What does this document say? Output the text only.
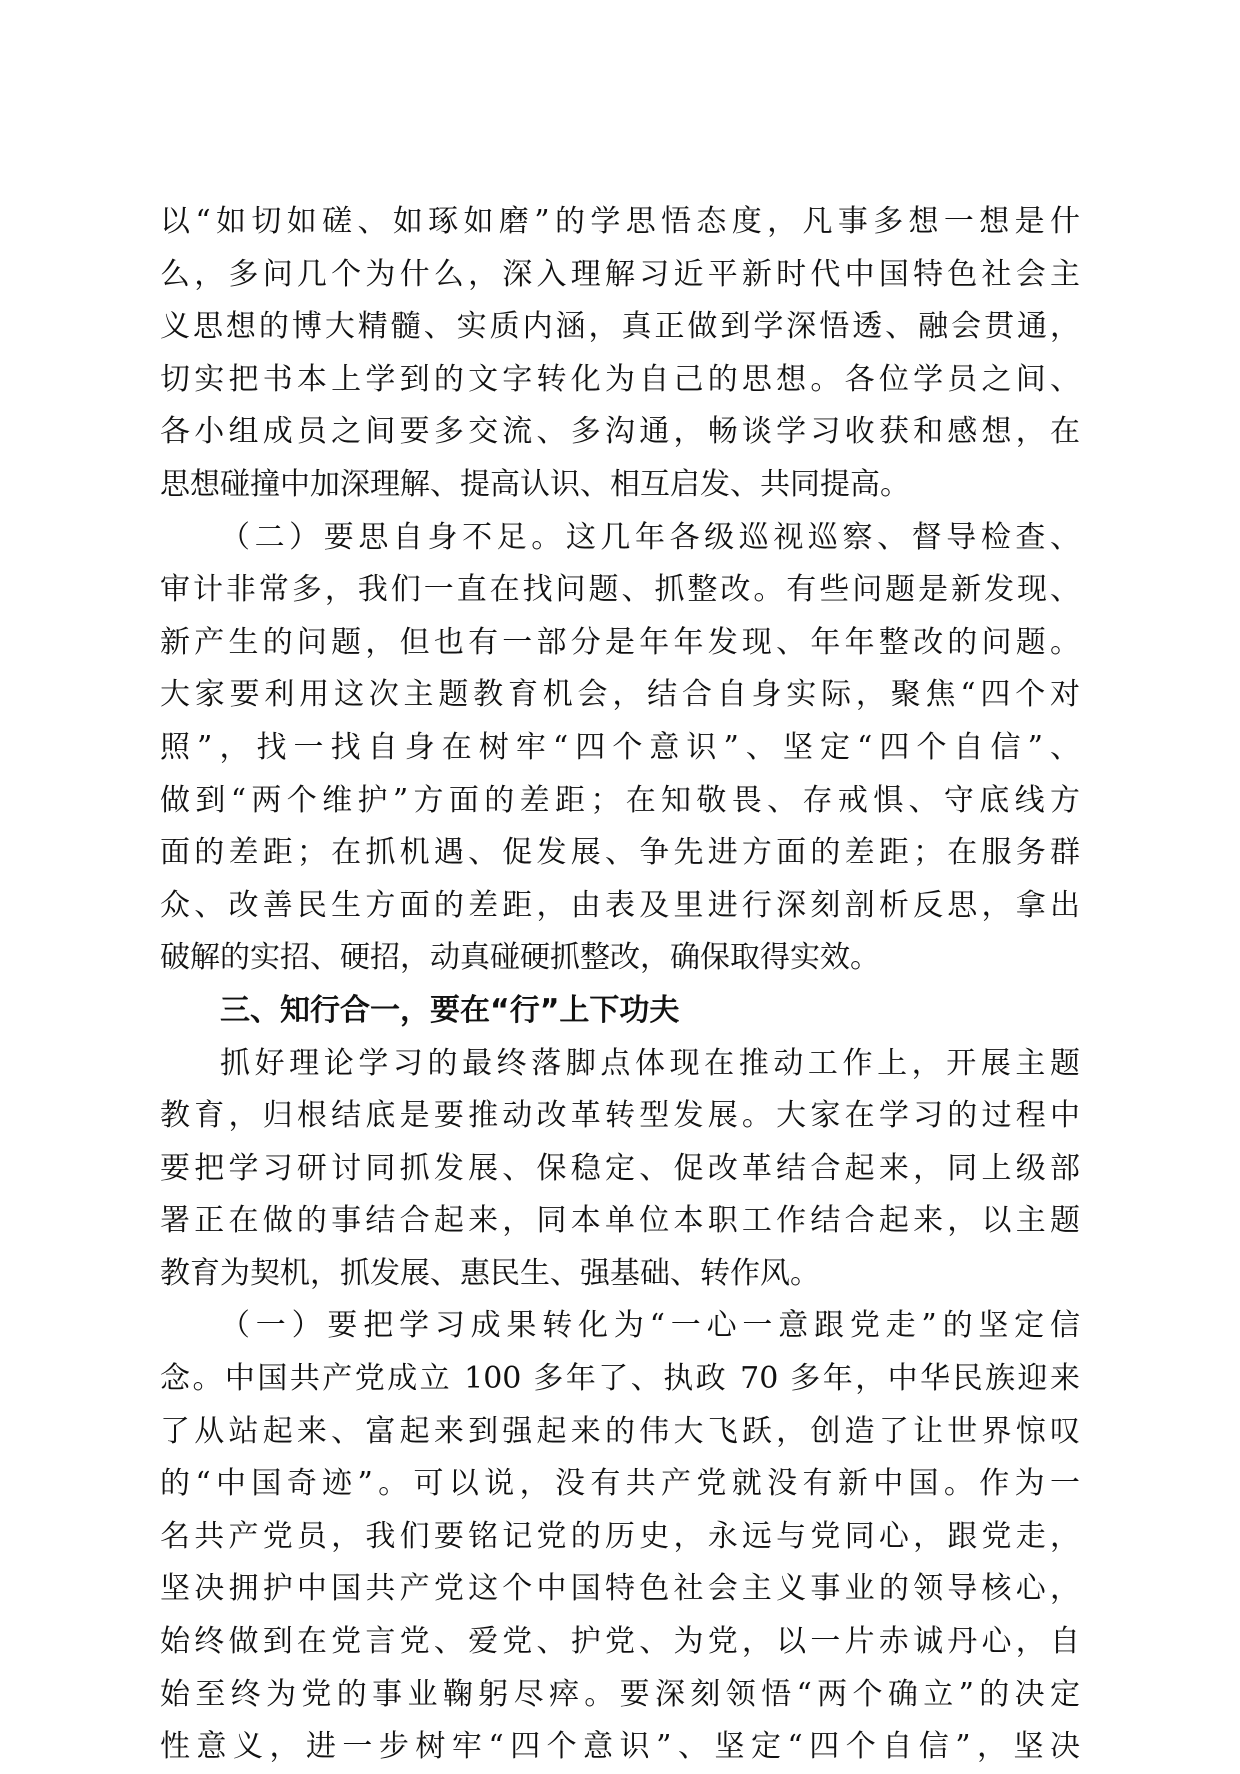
以“如切如磋、如琢如磨”的学思悟态度，凡事多想一想是什
么，多问几个为什么，深入理解习近平新时代中国特色社会主
义思想的博大精髓、实质内涵，真正做到学深悟透、融会贯通，
切实把书本上学到的文字转化为自己的思想。各位学员之间、
各小组成员之间要多交流、多沟通，畅谈学习收获和感想，在
思想碰撞中加深理解、提高认识、相互启发、共同提高。
（二）要思自身不足。这几年各级巡视巡察、督导检查、
审计非常多，我们一直在找问题、抓整改。有些问题是新发现、
新产生的问题，但也有一部分是年年发现、年年整改的问题。
大家要利用这次主题教育机会，结合自身实际，聚焦“四个对
照”，找一找自身在树牢“四个意识”、坚定“四个自信”、
做到“两个维护”方面的差距；在知敬畏、存戒惧、守底线方
面的差距；在抓机遇、促发展、争先进方面的差距；在服务群
众、改善民生方面的差距，由表及里进行深刻剖析反思，拿出
破解的实招、硬招，动真碰硬抓整改，确保取得实效。
三、知行合一，要在“行”上下功夫
抓好理论学习的最终落脚点体现在推动工作上，开展主题
教育，归根结底是要推动改革转型发展。大家在学习的过程中
要把学习研讨同抓发展、保稳定、促改革结合起来，同上级部
署正在做的事结合起来，同本单位本职工作结合起来，以主题
教育为契机，抓发展、惠民生、强基础、转作风。
（一）要把学习成果转化为“一心一意跟党走”的坚定信
念。中国共产党成立 100 多年了、执政 70 多年，中华民族迎来
了从站起来、富起来到强起来的伟大飞跃，创造了让世界惊叹
的“中国奇迹”。可以说，没有共产党就没有新中国。作为一
名共产党员，我们要铭记党的历史，永远与党同心，跟党走，
坚决拥护中国共产党这个中国特色社会主义事业的领导核心，
始终做到在党言党、爱党、护党、为党，以一片赤诚丹心，自
始至终为党的事业鞠躬尽瘁。要深刻领悟“两个确立”的决定
性意义，进一步树牢“四个意识”、坚定“四个自信”，坚决
